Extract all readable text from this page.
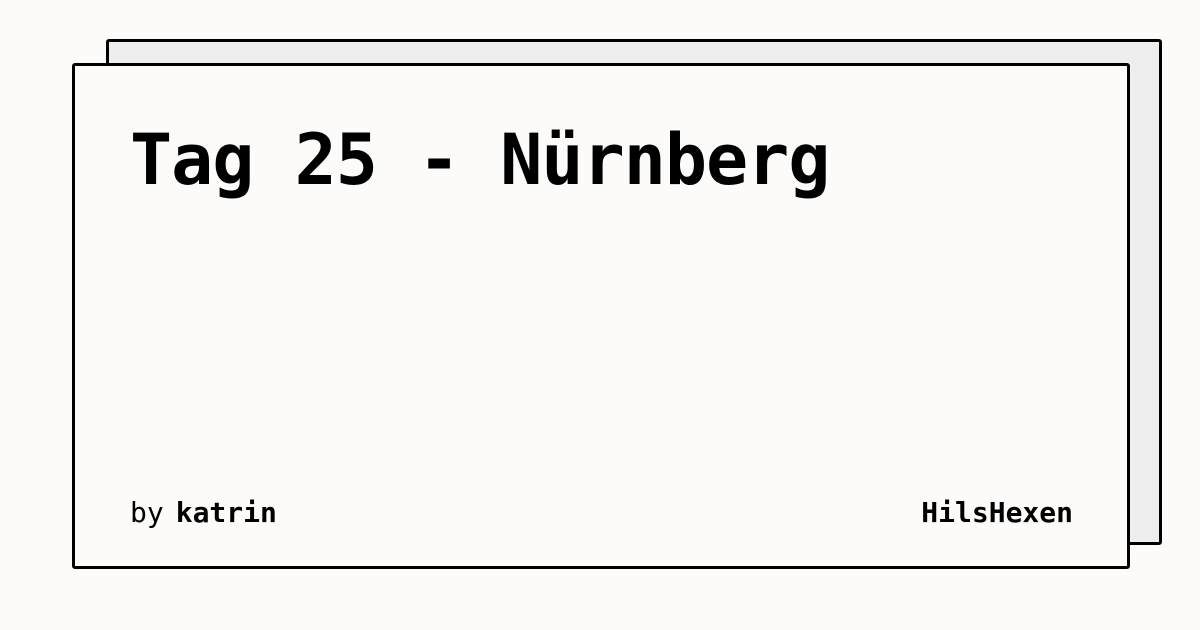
Tag 25 - Nürnberg
by katrin	HilsHexen
